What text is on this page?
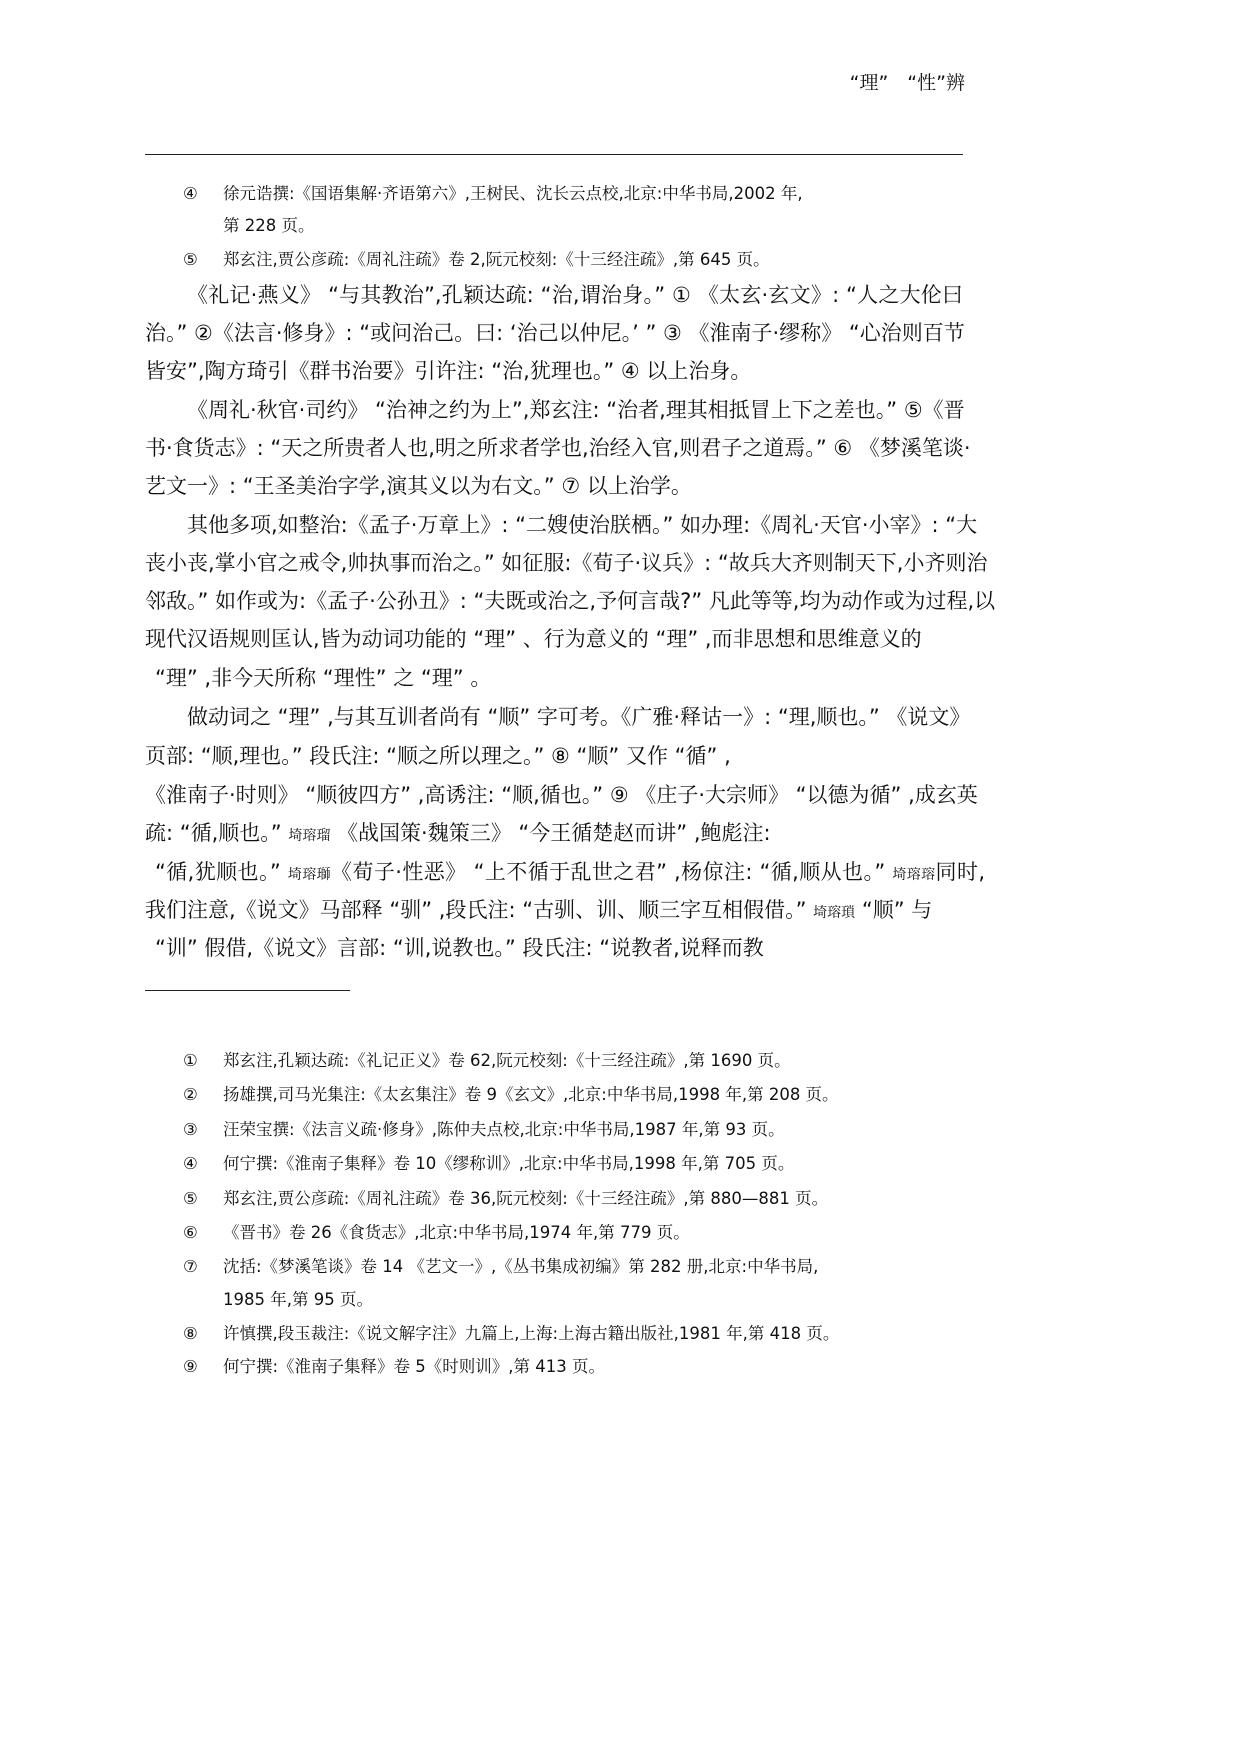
“理”　“性”辨
④ 徐元诰撰:《国语集解·齐语第六》,王树民、沈长云点校,北京:中华书局,2002 年,
第 228 页。
⑤ 郑玄注,贾公彦疏:《周礼注疏》卷 2,阮元校刻:《十三经注疏》,第 645 页。
《礼记·燕义》 “与其教治”,孔颖达疏: “治,谓治身。” ① 《太玄·玄文》: “人之大伦曰
治。” ②《法言·修身》: “或问治己。曰: ‘治己以仲尼。’ ” ③ 《淮南子·缪称》 “心治则百节
皆安”,陶方琦引《群书治要》引许注: “治,犹理也。” ④ 以上治身。
《周礼·秋官·司约》 “治神之约为上”,郑玄注: “治者,理其相抵冒上下之差也。” ⑤《晋
书·食货志》: “天之所贵者人也,明之所求者学也,治经入官,则君子之道焉。” ⑥ 《梦溪笔谈·
艺文一》: “王圣美治字学,演其义以为右文。” ⑦ 以上治学。
其他多项,如整治:《孟子·万章上》: “二嫂使治朕栖。” 如办理:《周礼·天官·小宰》: “大
丧小丧,掌小官之戒令,帅执事而治之。” 如征服:《荀子·议兵》: “故兵大齐则制天下,小齐则治
邻敌。” 如作或为:《孟子·公孙丑》: “夫既或治之,予何言哉?” 凡此等等,均为动作或为过程,以
现代汉语规则匡认,皆为动词功能的 “理” 、行为意义的 “理” ,而非思想和思维意义的
“理” ,非今天所称 “理性” 之 “理” 。
做动词之 “理” ,与其互训者尚有 “顺” 字可考。《广雅·释诂一》: “理,顺也。” 《说文》
页部: “顺,理也。” 段氏注: “顺之所以理之。” ⑧ “顺” 又作 “循” ,
《淮南子·时则》 “顺彼四方” ,高诱注: “顺,循也。” ⑨ 《庄子·大宗师》 “以德为循” ,成玄英
疏: “循,顺也。” 埼瑢瑠 《战国策·魏策三》 “今王循楚赵而讲” ,鲍彪注:
“循,犹顺也。” 埼瑢瑡《荀子·性恶》 “上不循于乱世之君” ,杨倞注: “循,顺从也。” 埼瑢瑢同时,
我们注意,《说文》马部释 “驯” ,段氏注: “古驯、训、顺三字互相假借。” 埼瑢瑣 “顺” 与
“训” 假借,《说文》言部: “训,说教也。” 段氏注: “说教者,说释而教
① 郑玄注,孔颖达疏:《礼记正义》卷 62,阮元校刻:《十三经注疏》,第 1690 页。
② 扬雄撰,司马光集注:《太玄集注》卷 9《玄文》,北京:中华书局,1998 年,第 208 页。
③ 汪荣宝撰:《法言义疏·修身》,陈仲夫点校,北京:中华书局,1987 年,第 93 页。
④ 何宁撰:《淮南子集释》卷 10《缪称训》,北京:中华书局,1998 年,第 705 页。
⑤ 郑玄注,贾公彦疏:《周礼注疏》卷 36,阮元校刻:《十三经注疏》,第 880—881 页。
⑥ 《晋书》卷 26《食货志》,北京:中华书局,1974 年,第 779 页。
⑦ 沈括:《梦溪笔谈》卷 14 《艺文一》,《丛书集成初编》第 282 册,北京:中华书局,
1985 年,第 95 页。
⑧ 许慎撰,段玉裁注:《说文解字注》九篇上,上海:上海古籍出版社,1981 年,第 418 页。
⑨ 何宁撰:《淮南子集释》卷 5《时则训》,第 413 页。
